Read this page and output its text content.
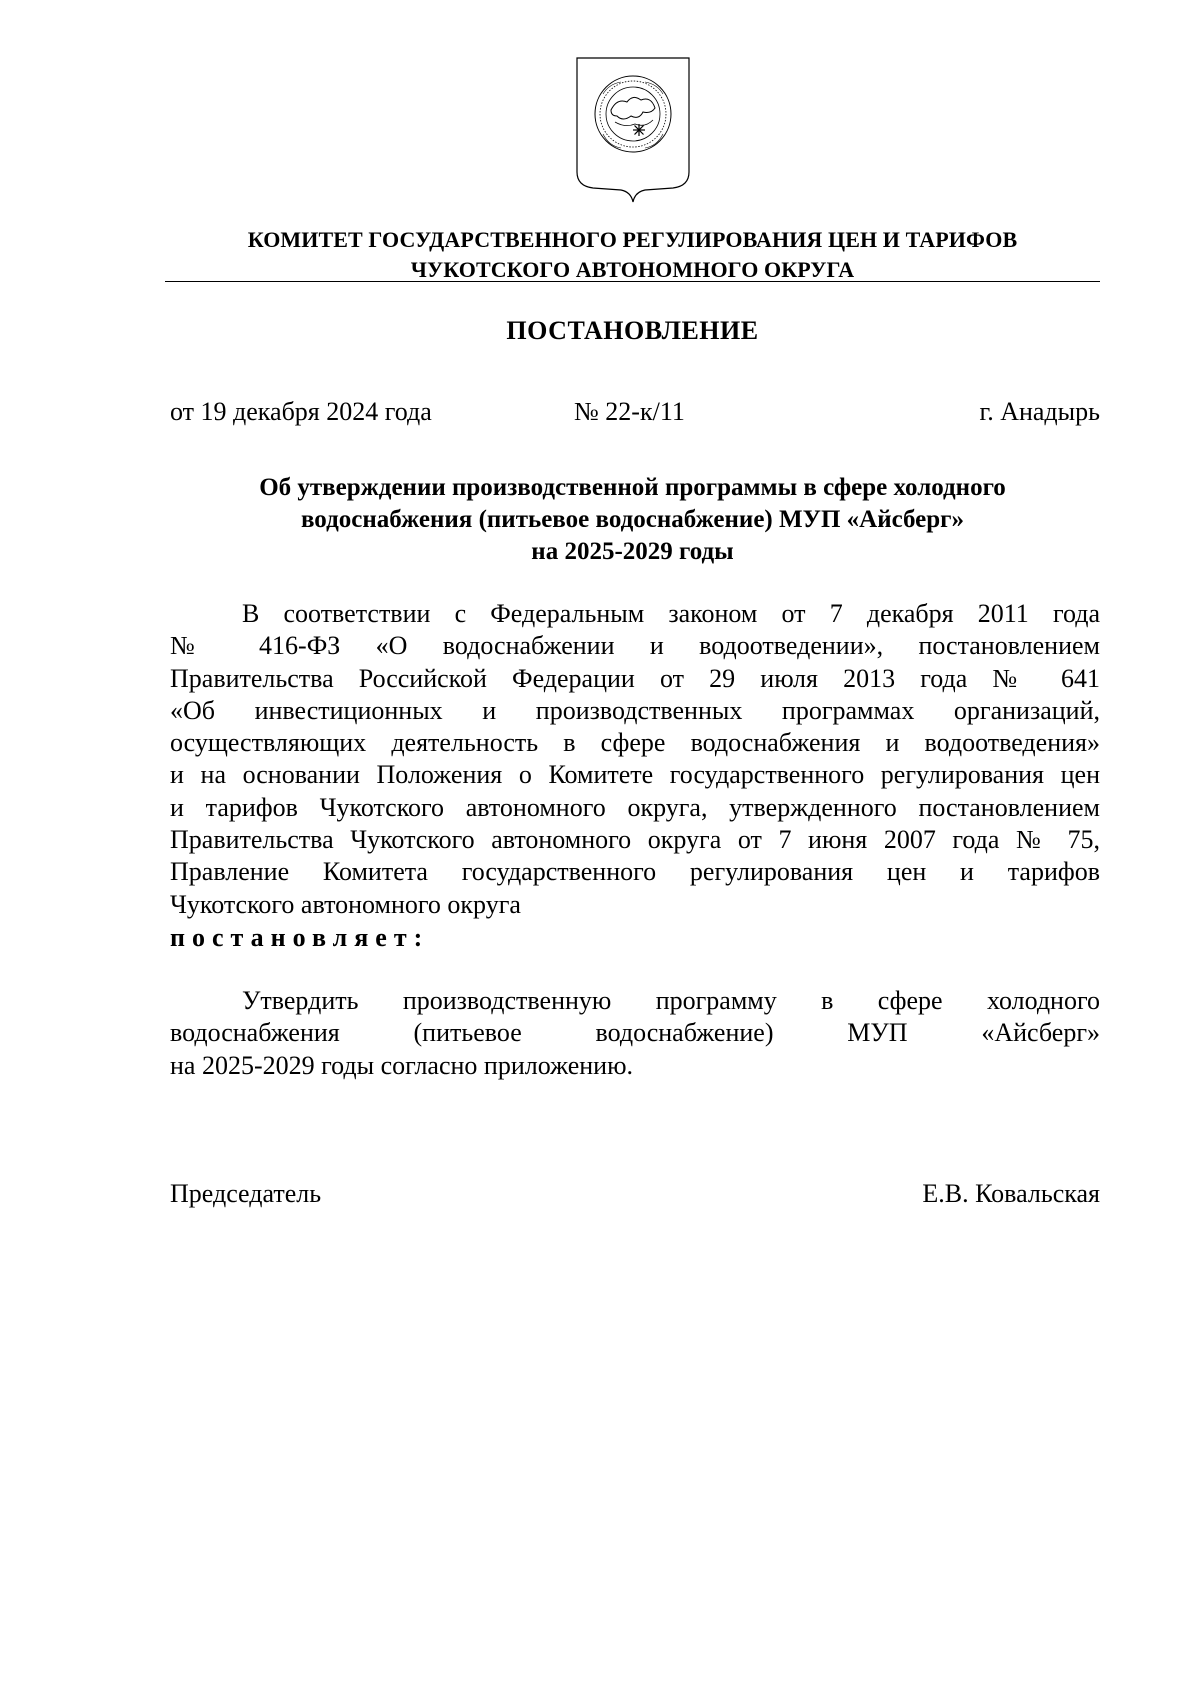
КОМИТЕТ ГОСУДАРСТВЕННОГО РЕГУЛИРОВАНИЯ ЦЕН И ТАРИФОВ
ЧУКОТСКОГО АВТОНОМНОГО ОКРУГА
ПОСТАНОВЛЕНИЕ
от 19 декабря 2024 года	№ 22-к/11	г. Анадырь
Об утверждении производственной программы в сфере холодного
водоснабжения (питьевое водоснабжение) МУП «Айсберг»
на 2025-2029 годы
В соответствии с Федеральным законом от 7 декабря 2011 года
№ 416-ФЗ «О водоснабжении и водоотведении», постановлением
Правительства Российской Федерации от 29 июля 2013 года № 641
«Об инвестиционных и производственных программах организаций,
осуществляющих деятельность в сфере водоснабжения и водоотведения»
и на основании Положения о Комитете государственного регулирования цен
и тарифов Чукотского автономного округа, утвержденного постановлением
Правительства Чукотского автономного округа от 7 июня 2007 года № 75,
Правление Комитета государственного регулирования цен и тарифов
Чукотского автономного округа
постановляет:
Утвердить производственную программу в сфере холодного
водоснабжения (питьевое водоснабжение) МУП «Айсберг»
на 2025-2029 годы согласно приложению.
Председатель	Е.В. Ковальская
